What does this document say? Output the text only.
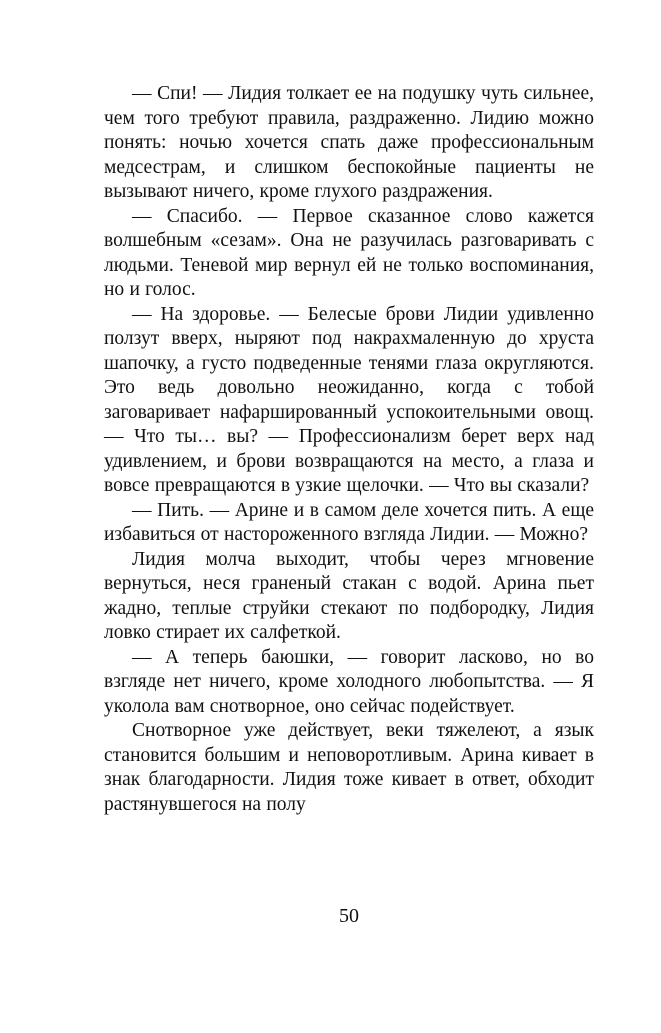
— Спи! — Лидия толкает ее на подушку чуть сильнее, чем того требуют правила, раздраженно. Лидию можно понять: ночью хочется спать даже профессиональным медсестрам, и слишком беспокойные пациенты не вызывают ничего, кроме глухого раздражения.

— Спасибо. — Первое сказанное слово кажется волшебным «сезам». Она не разучилась разговаривать с людьми. Теневой мир вернул ей не только воспоминания, но и голос.

— На здоровье. — Белесые брови Лидии удивленно ползут вверх, ныряют под накрахмаленную до хруста шапочку, а густо подведенные тенями глаза округляются. Это ведь довольно неожиданно, когда с тобой заговаривает нафаршированный успокоительными овощ. — Что ты… вы? — Профессионализм берет верх над удивлением, и брови возвращаются на место, а глаза и вовсе превращаются в узкие щелочки. — Что вы сказали?

— Пить. — Арине и в самом деле хочется пить. А еще избавиться от настороженного взгляда Лидии. — Можно?

Лидия молча выходит, чтобы через мгновение вернуться, неся граненый стакан с водой. Арина пьет жадно, теплые струйки стекают по подбородку, Лидия ловко стирает их салфеткой.

— А теперь баюшки, — говорит ласково, но во взгляде нет ничего, кроме холодного любопытства. — Я уколола вам снотворное, оно сейчас подействует.

Снотворное уже действует, веки тяжелеют, а язык становится большим и неповоротливым. Арина кивает в знак благодарности. Лидия тоже кивает в ответ, обходит растянувшегося на полу

50
